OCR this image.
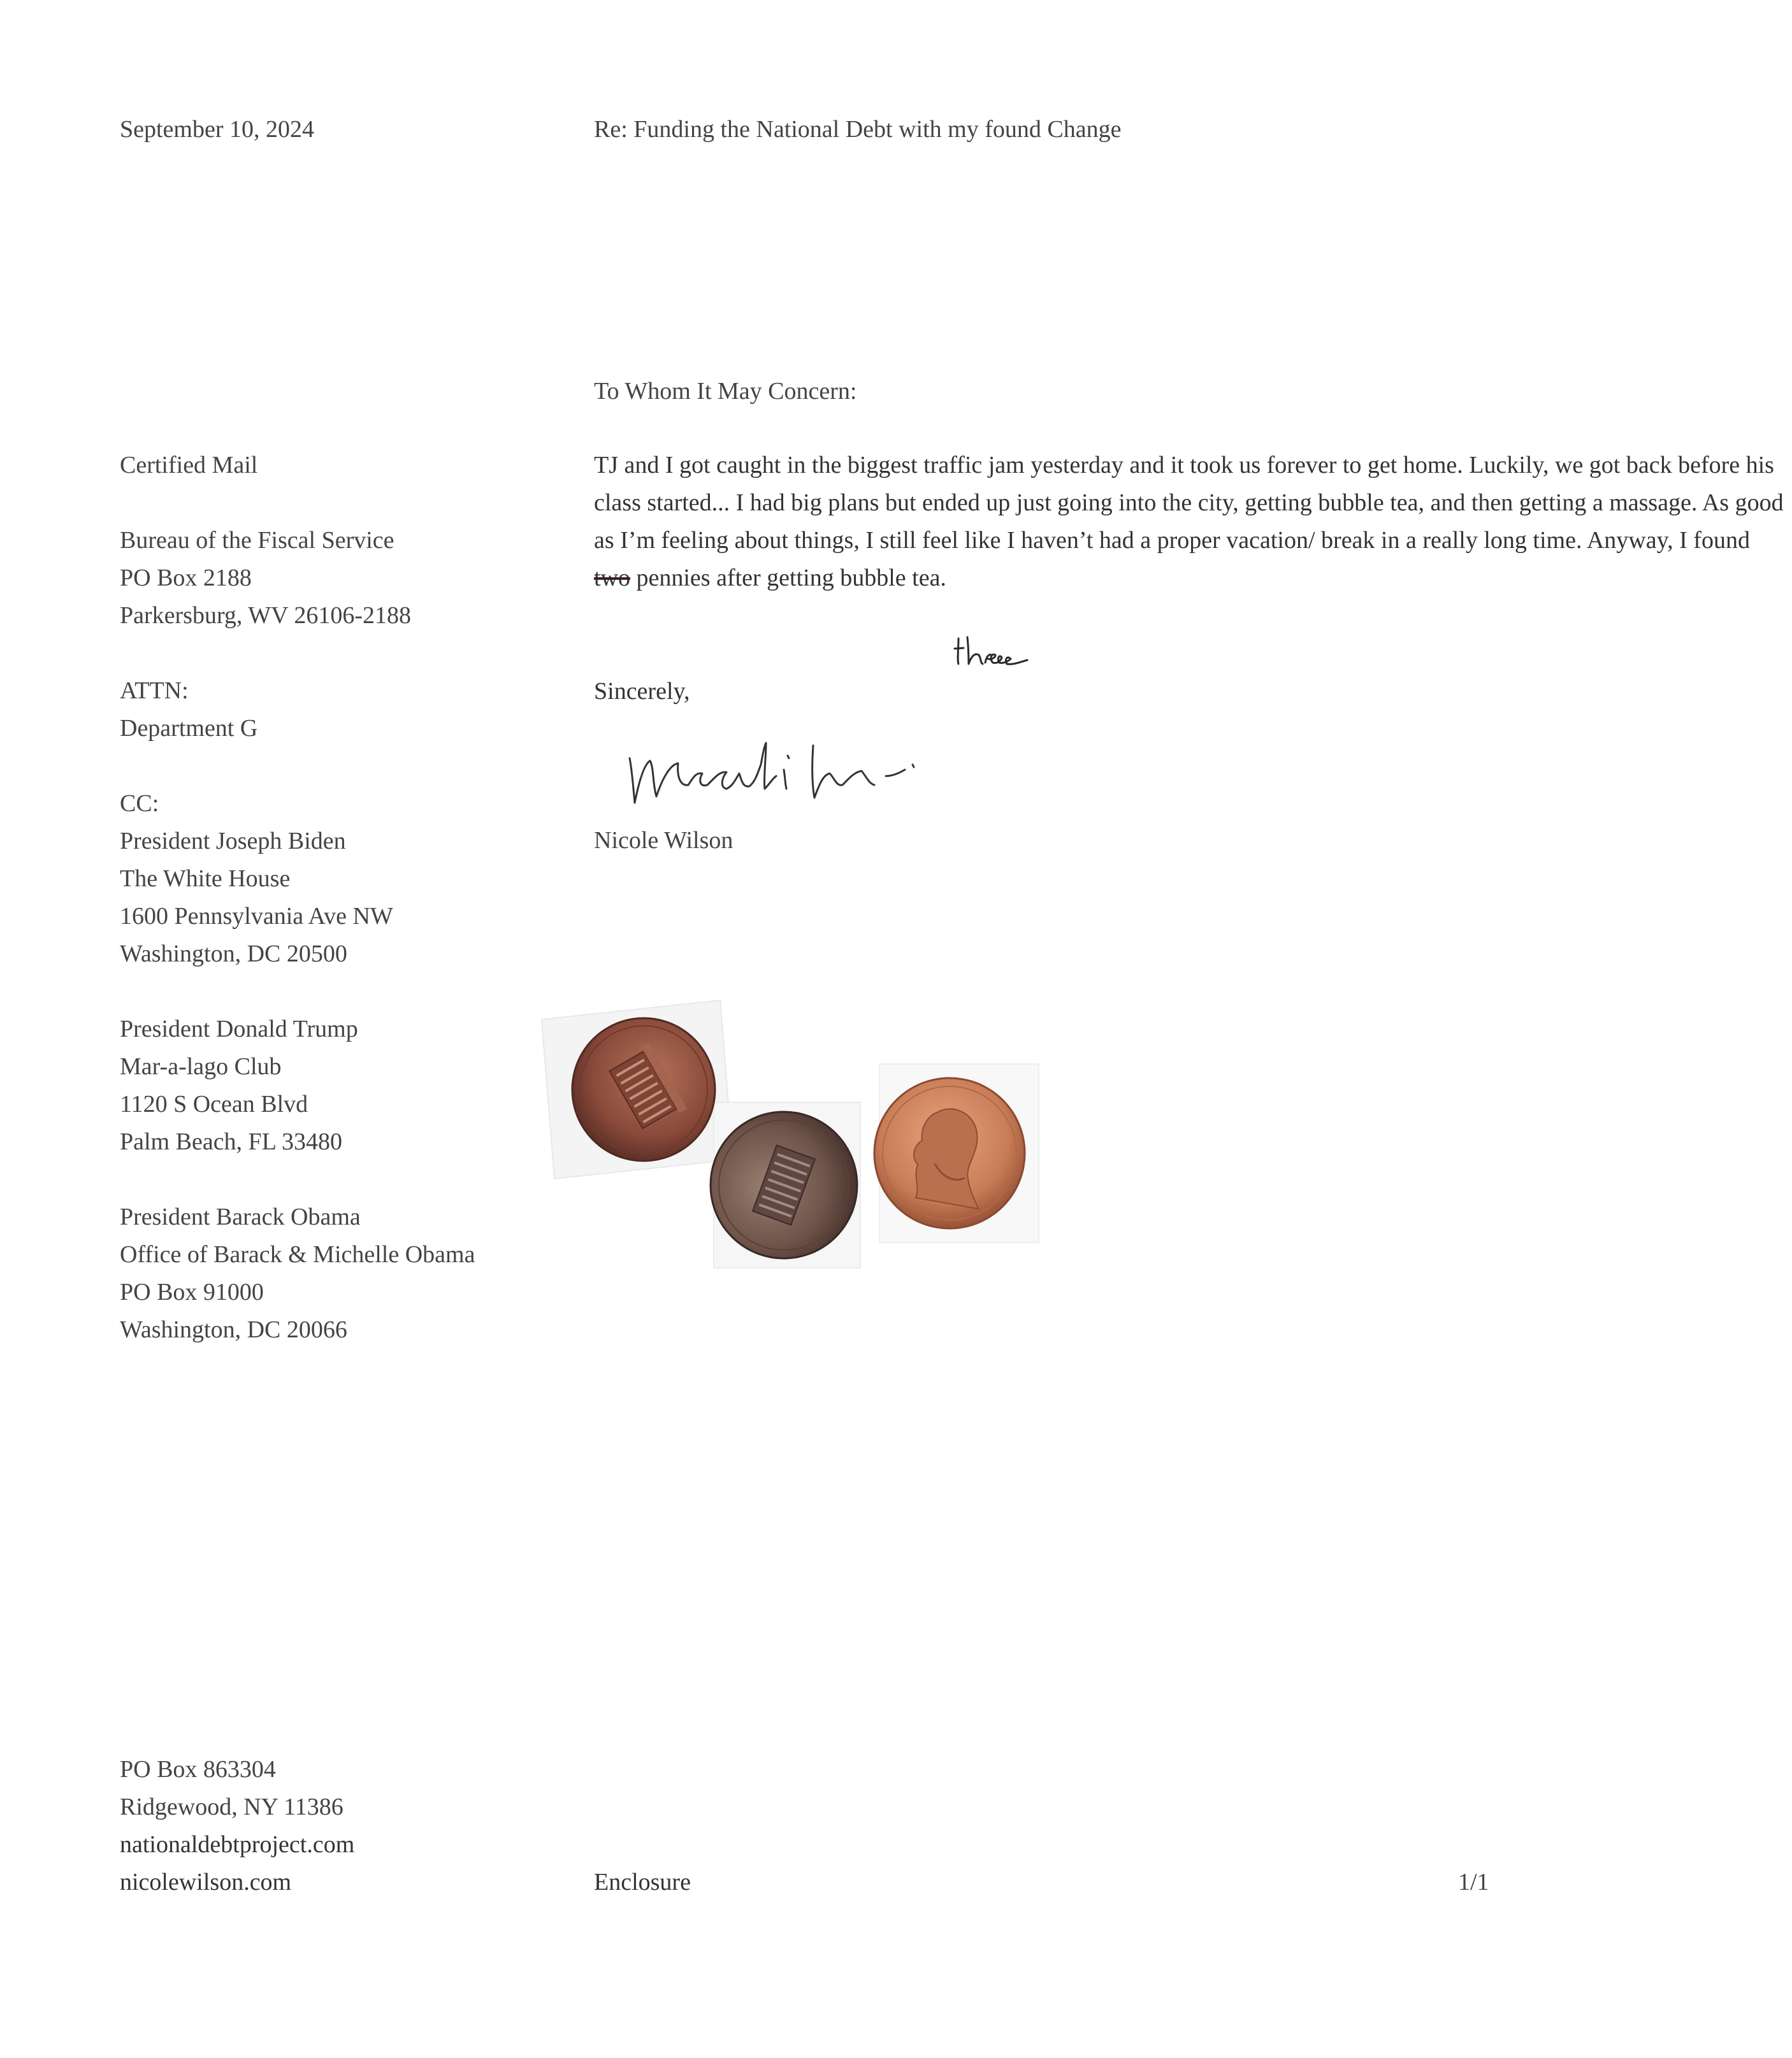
September 10, 2024	Re: Funding the National Debt with my found Change
To Whom It May Concern:
Certified Mail
Bureau of the Fiscal Service
PO Box 2188
Parkersburg, WV 26106-2188
ATTN:
Department G
CC:
President Joseph Biden
The White House
1600 Pennsylvania Ave NW
Washington, DC 20500
President Donald Trump
Mar-a-lago Club
1120 S Ocean Blvd
Palm Beach, FL 33480
President Barack Obama
Office of Barack & Michelle Obama
PO Box 91000
Washington, DC 20066
TJ and I got caught in the biggest traffic jam yesterday and it took us forever to get home. Luckily, we got back before his class started... I had big plans but ended up just going into the city, getting bubble tea, and then getting a massage. As good as I’m feeling about things, I still feel like I haven’t had a proper vacation/ break in a really long time. Anyway, I found two pennies after getting bubble tea.
Sincerely,
Nicole Wilson
PO Box 863304
Ridgewood, NY 11386
nationaldebtproject.com
nicolewilson.com	Enclosure	1/1
